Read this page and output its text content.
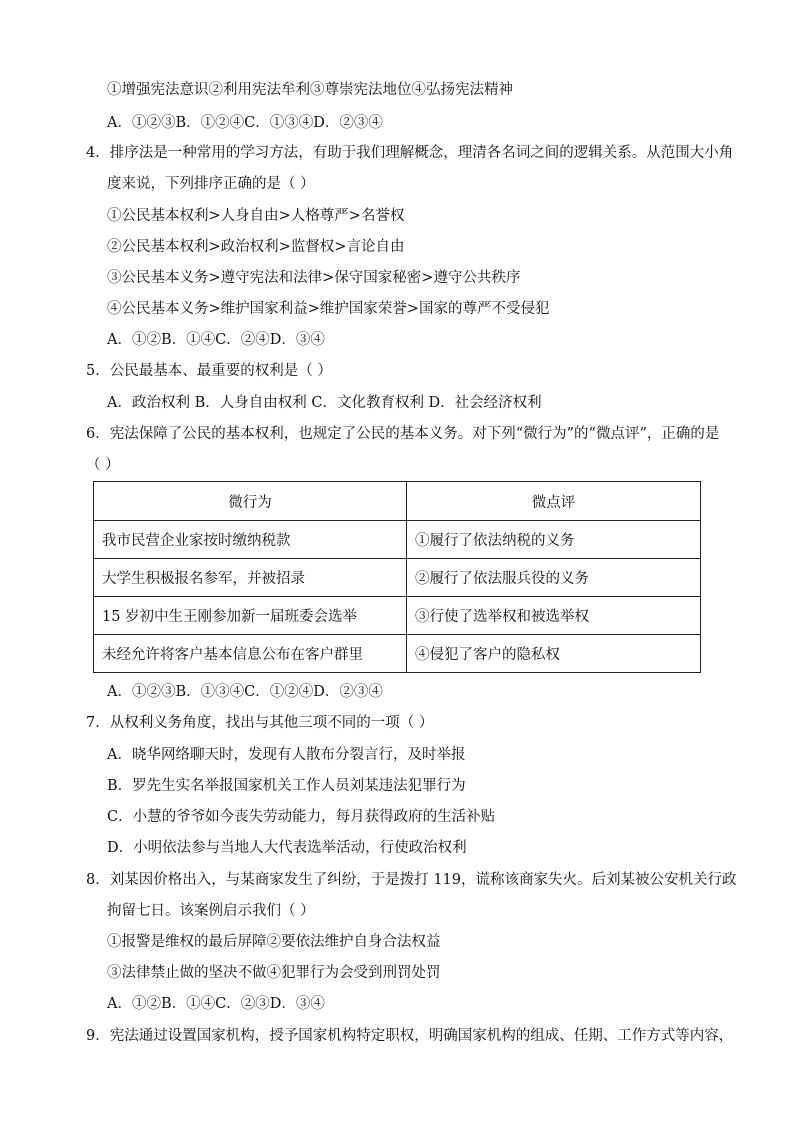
①增强宪法意识②利用宪法牟利③尊崇宪法地位④弘扬宪法精神
A．①②③B．①②④C．①③④D．②③④
4．排序法是一种常用的学习方法，有助于我们理解概念，理清各名词之间的逻辑关系。从范围大小角
度来说，下列排序正确的是（ ）
①公民基本权利>人身自由>人格尊严>名誉权
②公民基本权利>政治权利>监督权>言论自由
③公民基本义务>遵守宪法和法律>保守国家秘密>遵守公共秩序
④公民基本义务>维护国家利益>维护国家荣誉>国家的尊严不受侵犯
A．①②B．①④C．②④D．③④
5．公民最基本、最重要的权利是（ ）
A．政治权利 B．人身自由权利 C．文化教育权利 D．社会经济权利
6．宪法保障了公民的基本权利，也规定了公民的基本义务。对下列“微行为”的“微点评”，正确的是
（ ）
微行为	微点评
我市民营企业家按时缴纳税款	①履行了依法纳税的义务
大学生积极报名参军，并被招录	②履行了依法服兵役的义务
15 岁初中生王刚参加新一届班委会选举	③行使了选举权和被选举权
未经允许将客户基本信息公布在客户群里	④侵犯了客户的隐私权
A．①②③B．①③④C．①②④D．②③④
7．从权利义务角度，找出与其他三项不同的一项（ ）
A．晓华网络聊天时，发现有人散布分裂言行，及时举报
B．罗先生实名举报国家机关工作人员刘某违法犯罪行为
C．小慧的爷爷如今丧失劳动能力，每月获得政府的生活补贴
D．小明依法参与当地人大代表选举活动，行使政治权利
8．刘某因价格出入，与某商家发生了纠纷，于是拨打 119，谎称该商家失火。后刘某被公安机关行政
拘留七日。该案例启示我们（ ）
①报警是维权的最后屏障②要依法维护自身合法权益
③法律禁止做的坚决不做④犯罪行为会受到刑罚处罚
A．①②B．①④C．②③D．③④
9．宪法通过设置国家机构，授予国家机构特定职权，明确国家机构的组成、任期、工作方式等内容，
